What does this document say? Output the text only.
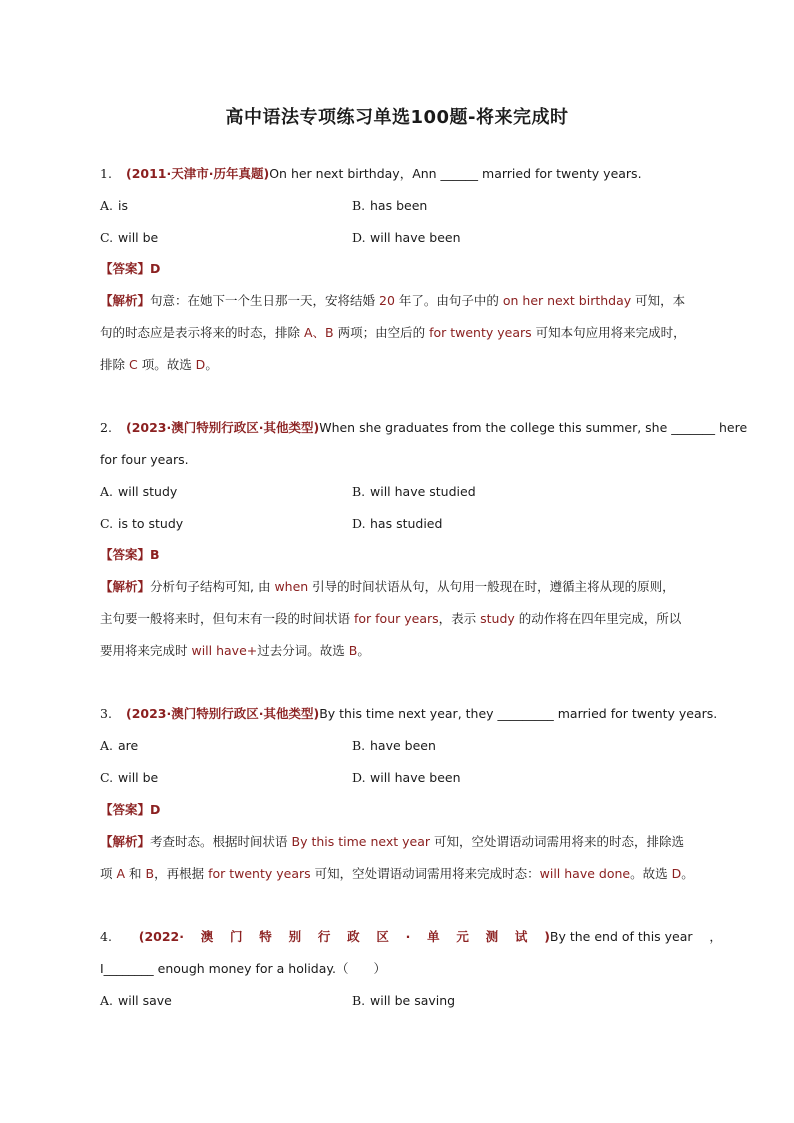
高中语法专项练习单选100题-将来完成时
1. (2011·天津市·历年真题)On her next birthday，Ann ______ married for twenty years.
A. is	B. has been
C. will be	D. will have been
【答案】D
【解析】句意：在她下一个生日那一天，安将结婚 20 年了。由句子中的 on her next birthday 可知，本
句的时态应是表示将来的时态，排除 A、B 两项；由空后的 for twenty years 可知本句应用将来完成时，
排除 C 项。故选 D。
2. (2023·澳门特别行政区·其他类型)When she graduates from the college this summer, she _______ here
for four years.
A. will study	B. will have studied
C. is to study	D. has studied
【答案】B
【解析】分析句子结构可知, 由 when 引导的时间状语从句，从句用一般现在时，遵循主将从现的原则，
主句要一般将来时，但句末有一段的时间状语 for four years，表示 study 的动作将在四年里完成，所以
要用将来完成时 will have+过去分词。故选 B。
3. (2023·澳门特别行政区·其他类型)By this time next year, they _________ married for twenty years.
A. are	B. have been
C. will be	D. will have been
【答案】D
【解析】考查时态。根据时间状语 By this time next year 可知，空处谓语动词需用将来的时态，排除选
项 A 和 B，再根据 for twenty years 可知，空处谓语动词需用将来完成时态：will have done。故选 D。
4.	(2022· 澳 门 特 别 行 政 区 · 单 元 测 试 )By the end of this year ，
I________ enough money for a holiday.（　　）
A. will save	B. will be saving
